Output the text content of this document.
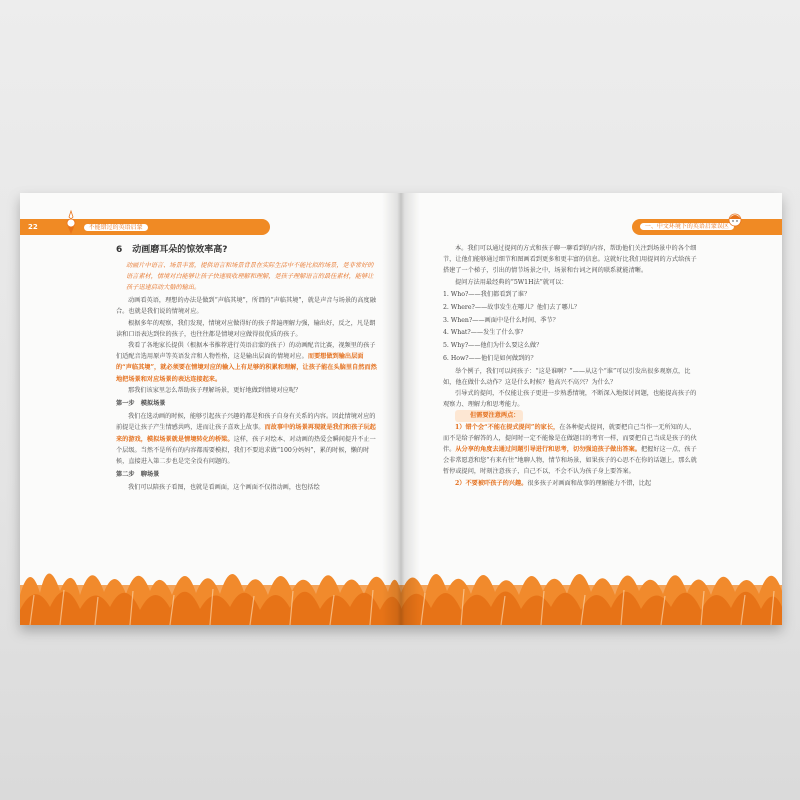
22	不能错过的英语启蒙
6 动画磨耳朵的惊效率高?
动画片中语言、场景丰富，提供语言和场景背景在实际生活中不能比拟的场景，是非常好的语言素材，情境对白能够让孩子快速吸收理解和理解，是孩子理解语言的最佳素材，能够让孩子迅速启动大脑的输出。

动画看英语，理想的办法是做到“声临其境”，所谓的“声临其境”，就是声音与场景的高度融合。也就是我们说的情境对应。

根据多年的观察，我们发现，情境对应做得好的孩子普遍理解力强，输出好，反之，凡是朗读和口语表达到位的孩子，也往往都是情境对应做得很优质的孩子。

我看了各地家长提供（根据本书推荐进行英语启蒙的孩子）的动画配音比赛，视频里的孩子们适配音选用原声等英语发音和人物性格，这是输出层面的情境对应。而要想做到输出层面的“声临其境”，就必须要在情境对应的输入上有足够的积累和理解，让孩子能在头脑里自然而然地把场景和对应场景的表达连接起来。

那我们该家里怎么帮助孩子理解场景，更好地做到情境对应呢？

第一步　模拟场景

我们在选动画的时候，能够引起孩子兴趣的都是和孩子自身有关系的内容。因此情境对应的前提是让孩子产生情感共鸣，进而让孩子喜欢上故事。而故事中的场景再现就是我们和孩子玩起来的游戏，模拟场景就是情境转化的桥梁。这样，孩子对绘本、对动画的热爱会瞬间提升不止一个层级。当然不是所有的内容都需要模拟，我们不要追求做“100分妈妈”，累的时候，懒的时候，直接进入第二步也是完全没有问题的。

第二步　聊场景

我们可以陪孩子看图，也就是看画面，这个画面不仅指动画，也包括绘

一、中文环境下的英语启蒙误区  23

本。我们可以通过提问的方式和孩子聊一聊看到的内容，帮助他们关注到场景中的各个细节，让他们能够通过细节和图画看到更多和更丰富的信息。这就好比我们用提问的方式给孩子搭建了一个梯子，引出的情节场景之中，场景和台词之间的联系就能清晰。

提问方法用最经典的“5W1H法”就可以：

1. Who?——我们都看到了谁？
2. Where?——故事发生在哪儿？他们去了哪儿？
3. When?——画面中是什么时间、季节？
4. What?——发生了什么事？
5. Why?——他们为什么要这么做？
6. How?——他们是如何做到的？

举个例子，我们可以问孩子：“这是谁啊？”——从这个“谁”可以引发出很多观察点，比如，他在做什么动作？这是什么时候？他高兴不高兴？为什么？

引导式的提问，不仅能让孩子更进一步熟悉情境，不断深入地探讨问题，也能提高孩子的观察力、理解力和思考能力。

但需要注意两点：

1）错个会“不能在提式提问”的家长，在各种提式提问，就要把自己当作一无所知的人，而不是给予解答的人，提问时一定不能像是在做题目的考官一样，而要把自己当成是孩子的伙伴。从分享的角度去通过问题引导进行和思考，切勿强迫孩子做出答案。把握好这一点，孩子会非常愿意和您“有来有往”地聊人物，情节和场景，如果孩子的心思不在你的话题上，那么就暂停或提问，时刻注意孩子，自己不以，不会不认为孩子身上要答案。

2）不要被吓孩子的兴趣。很多孩子对画面和故事的理解能力不错，比起
